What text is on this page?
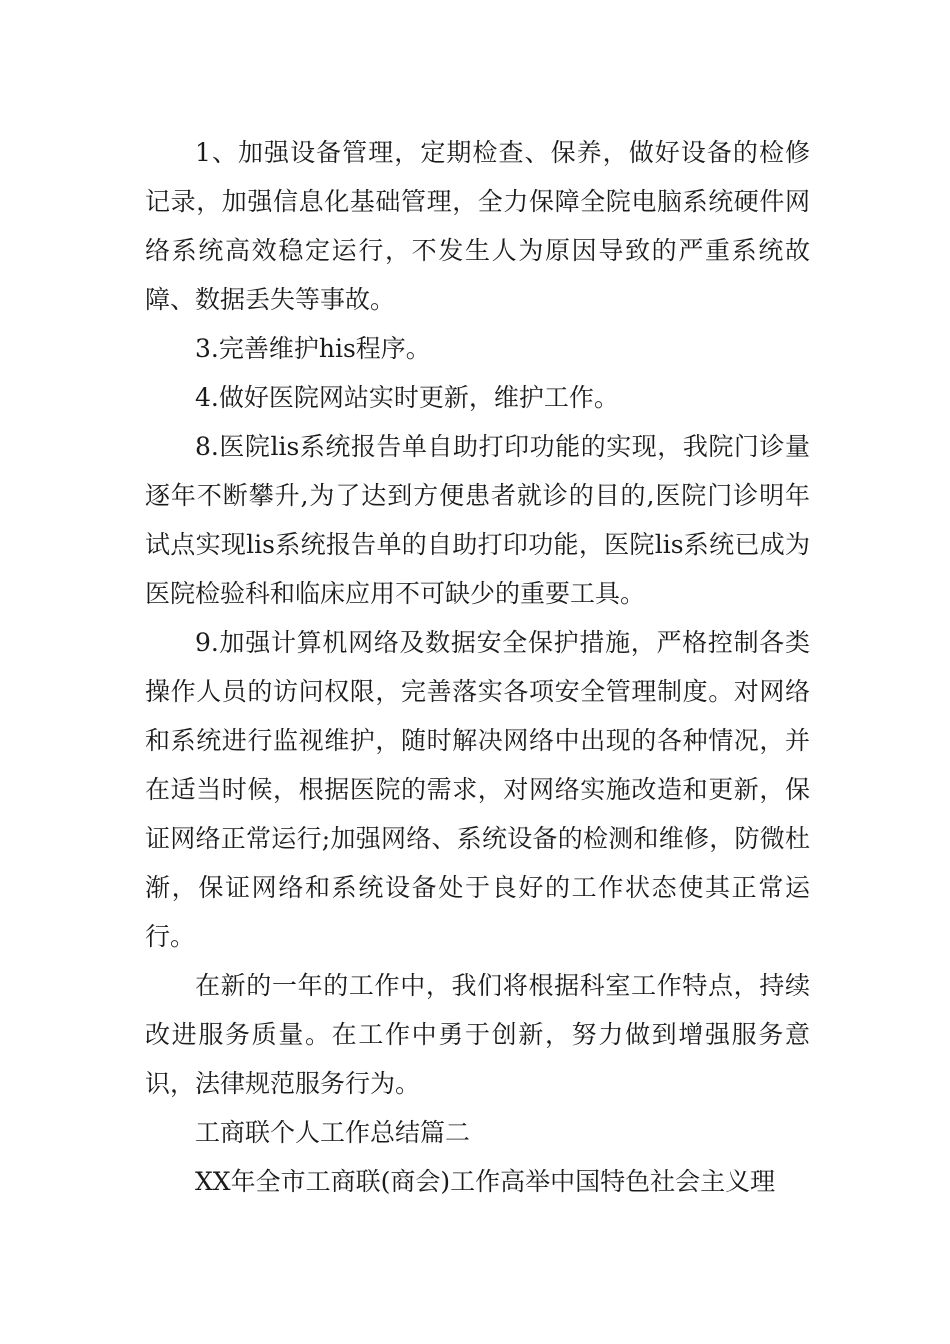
1、加强设备管理，定期检查、保养，做好设备的检修记录，加强信息化基础管理，全力保障全院电脑系统硬件网络系统高效稳定运行，不发生人为原因导致的严重系统故障、数据丢失等事故。

3.完善维护his程序。

4.做好医院网站实时更新，维护工作。

8.医院lis系统报告单自助打印功能的实现，我院门诊量逐年不断攀升,为了达到方便患者就诊的目的,医院门诊明年试点实现lis系统报告单的自助打印功能，医院lis系统已成为医院检验科和临床应用不可缺少的重要工具。

9.加强计算机网络及数据安全保护措施，严格控制各类操作人员的访问权限，完善落实各项安全管理制度。对网络和系统进行监视维护，随时解决网络中出现的各种情况，并在适当时候，根据医院的需求，对网络实施改造和更新，保证网络正常运行;加强网络、系统设备的检测和维修，防微杜渐，保证网络和系统设备处于良好的工作状态使其正常运行。

在新的一年的工作中，我们将根据科室工作特点，持续改进服务质量。在工作中勇于创新，努力做到增强服务意识，法律规范服务行为。

工商联个人工作总结篇二

XX年全市工商联(商会)工作高举中国特色社会主义理
